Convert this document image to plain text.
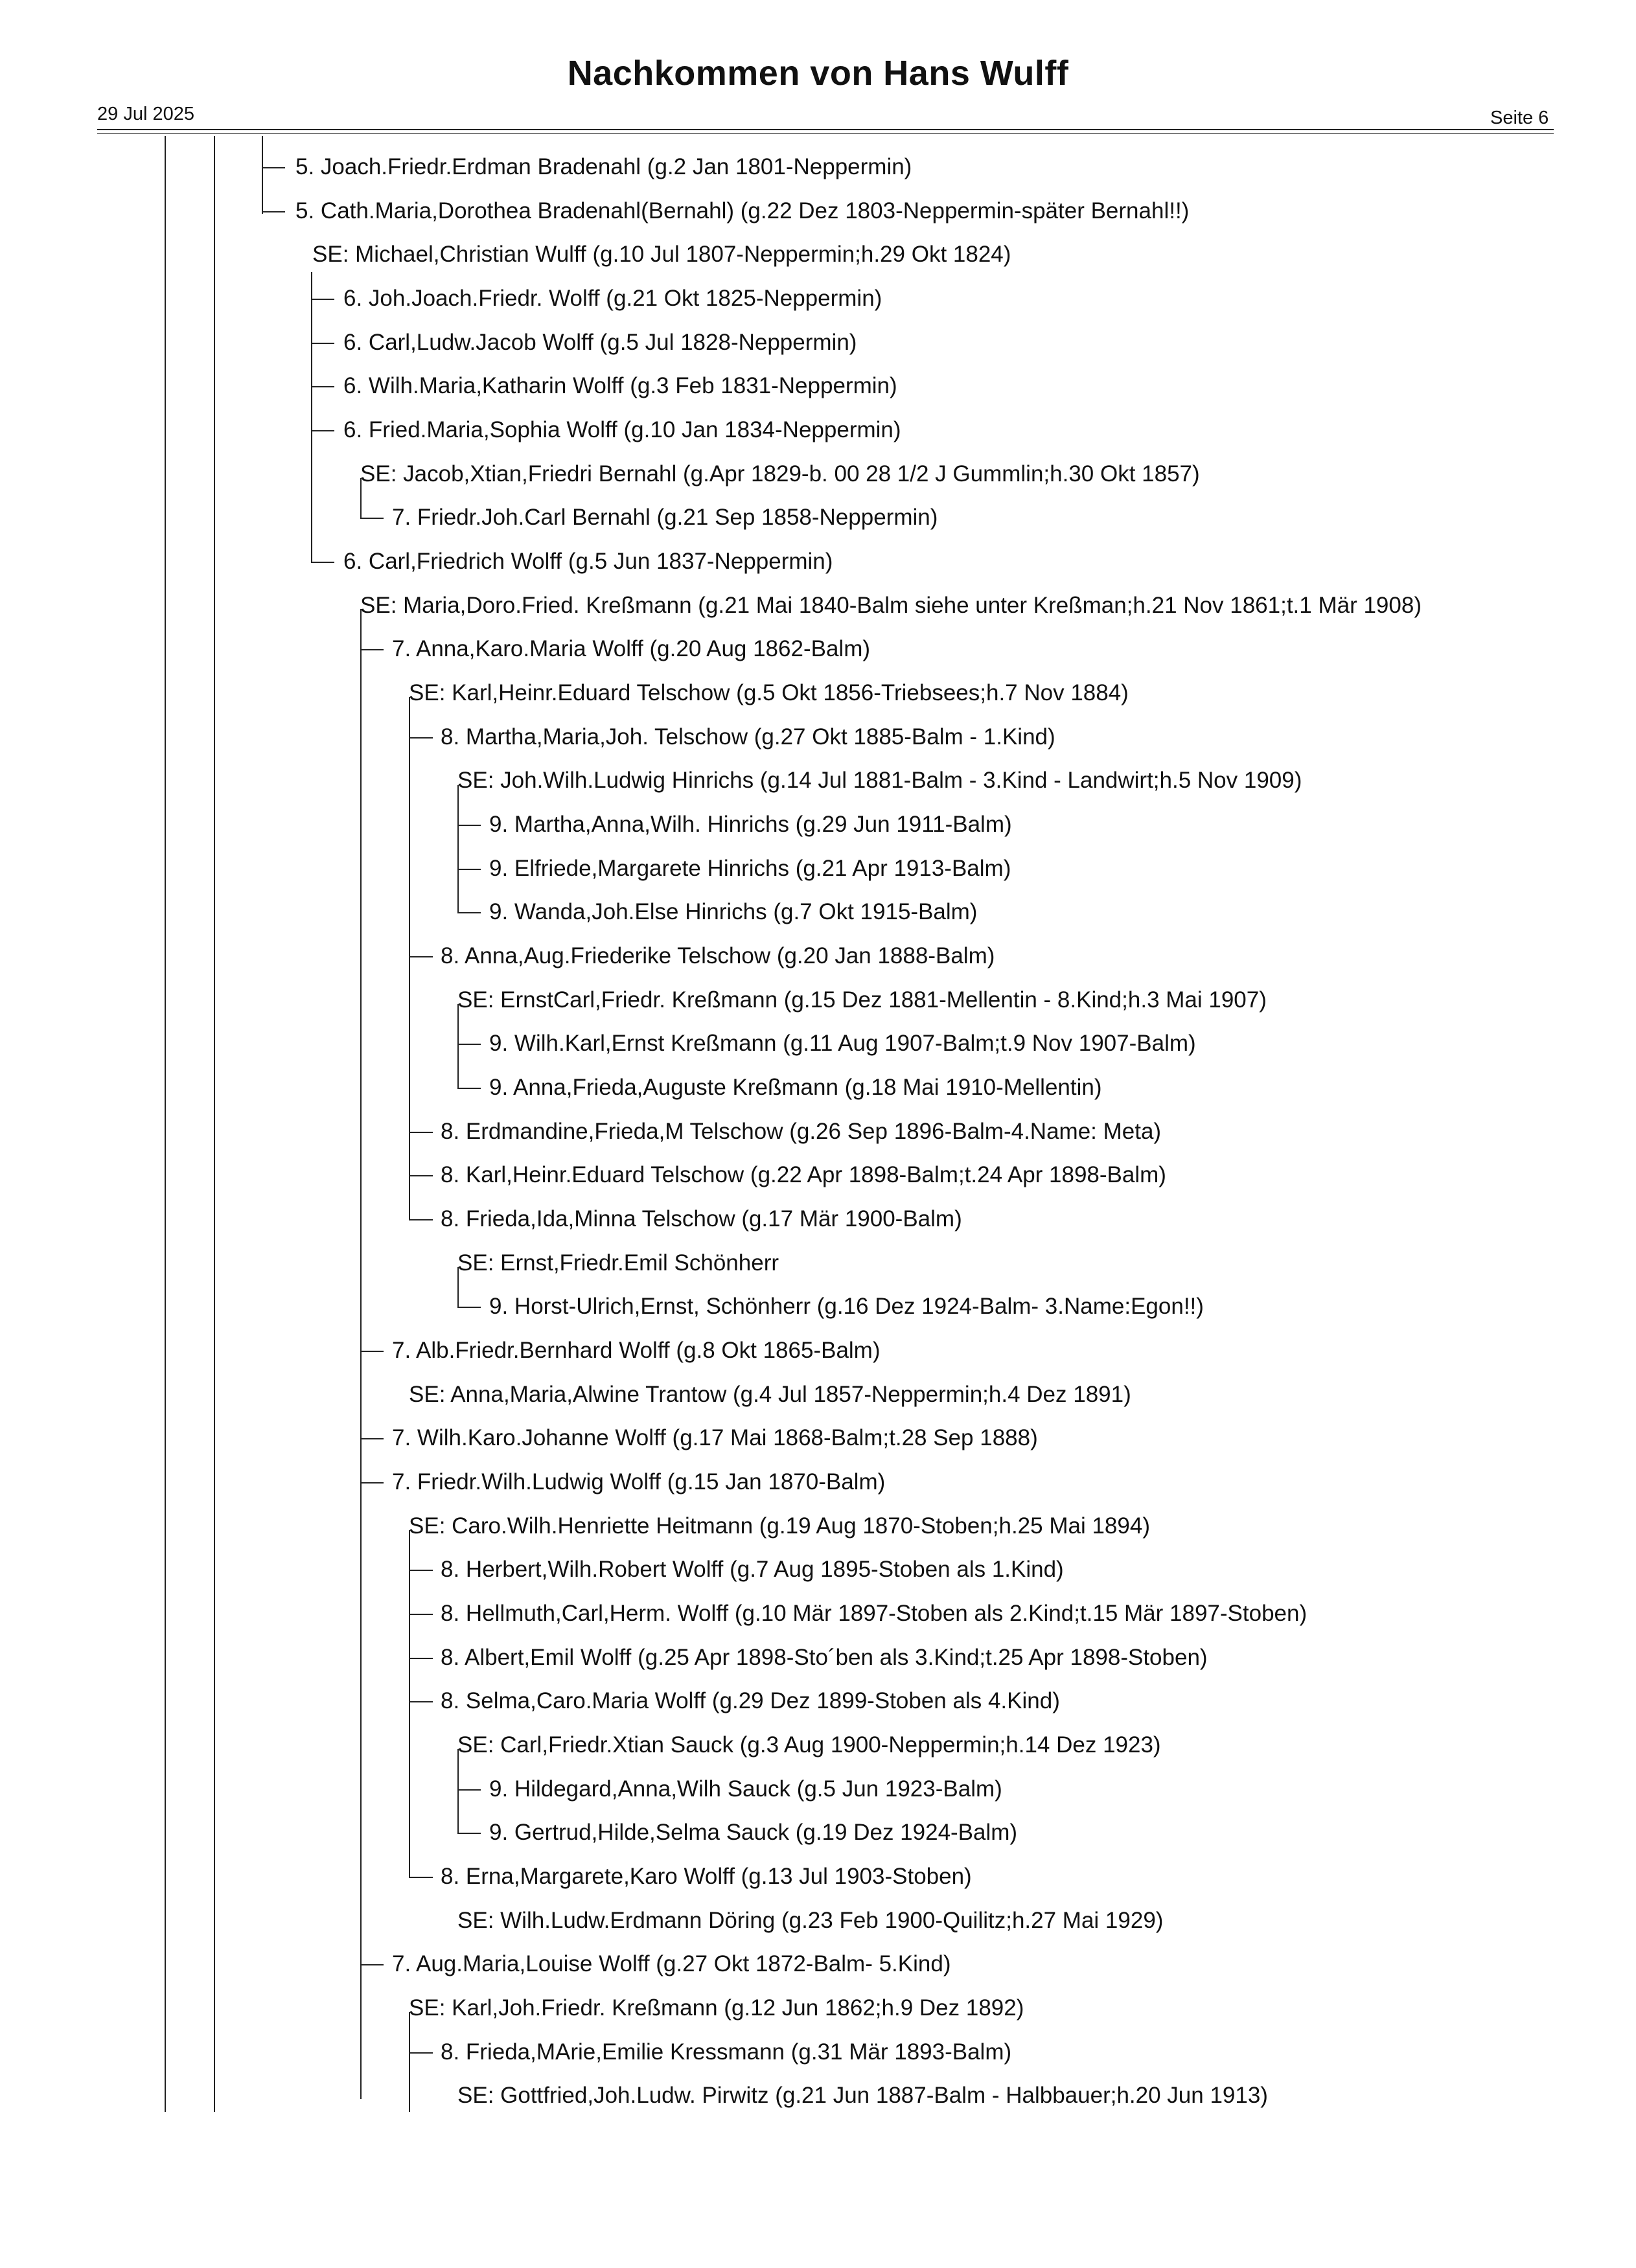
Nachkommen von Hans Wulff
29 Jul 2025	Seite 6
5. Joach.Friedr.Erdman Bradenahl (g.2 Jan 1801-Neppermin)
5. Cath.Maria,Dorothea Bradenahl(Bernahl) (g.22 Dez 1803-Neppermin-später Bernahl!!)
SE: Michael,Christian Wulff (g.10 Jul 1807-Neppermin;h.29 Okt 1824)
6. Joh.Joach.Friedr. Wolff (g.21 Okt 1825-Neppermin)
6. Carl,Ludw.Jacob Wolff (g.5 Jul 1828-Neppermin)
6. Wilh.Maria,Katharin Wolff (g.3 Feb 1831-Neppermin)
6. Fried.Maria,Sophia Wolff (g.10 Jan 1834-Neppermin)
SE: Jacob,Xtian,Friedri Bernahl (g.Apr 1829-b. 00 28 1/2 J Gummlin;h.30 Okt 1857)
7. Friedr.Joh.Carl Bernahl (g.21 Sep 1858-Neppermin)
6. Carl,Friedrich Wolff (g.5 Jun 1837-Neppermin)
SE: Maria,Doro.Fried. Kreßmann (g.21 Mai 1840-Balm siehe unter Kreßman;h.21 Nov 1861;t.1 Mär 1908)
7. Anna,Karo.Maria Wolff (g.20 Aug 1862-Balm)
SE: Karl,Heinr.Eduard Telschow (g.5 Okt 1856-Triebsees;h.7 Nov 1884)
8. Martha,Maria,Joh. Telschow (g.27 Okt 1885-Balm - 1.Kind)
SE: Joh.Wilh.Ludwig Hinrichs (g.14 Jul 1881-Balm - 3.Kind - Landwirt;h.5 Nov 1909)
9. Martha,Anna,Wilh. Hinrichs (g.29 Jun 1911-Balm)
9. Elfriede,Margarete Hinrichs (g.21 Apr 1913-Balm)
9. Wanda,Joh.Else Hinrichs (g.7 Okt 1915-Balm)
8. Anna,Aug.Friederike Telschow (g.20 Jan 1888-Balm)
SE: ErnstCarl,Friedr. Kreßmann (g.15 Dez 1881-Mellentin - 8.Kind;h.3 Mai 1907)
9. Wilh.Karl,Ernst Kreßmann (g.11 Aug 1907-Balm;t.9 Nov 1907-Balm)
9. Anna,Frieda,Auguste Kreßmann (g.18 Mai 1910-Mellentin)
8. Erdmandine,Frieda,M Telschow (g.26 Sep 1896-Balm-4.Name: Meta)
8. Karl,Heinr.Eduard Telschow (g.22 Apr 1898-Balm;t.24 Apr 1898-Balm)
8. Frieda,Ida,Minna Telschow (g.17 Mär 1900-Balm)
SE: Ernst,Friedr.Emil Schönherr
9. Horst-Ulrich,Ernst, Schönherr (g.16 Dez 1924-Balm- 3.Name:Egon!!)
7. Alb.Friedr.Bernhard Wolff (g.8 Okt 1865-Balm)
SE: Anna,Maria,Alwine Trantow (g.4 Jul 1857-Neppermin;h.4 Dez 1891)
7. Wilh.Karo.Johanne Wolff (g.17 Mai 1868-Balm;t.28 Sep 1888)
7. Friedr.Wilh.Ludwig Wolff (g.15 Jan 1870-Balm)
SE: Caro.Wilh.Henriette Heitmann (g.19 Aug 1870-Stoben;h.25 Mai 1894)
8. Herbert,Wilh.Robert Wolff (g.7 Aug 1895-Stoben als 1.Kind)
8. Hellmuth,Carl,Herm. Wolff (g.10 Mär 1897-Stoben als 2.Kind;t.15 Mär 1897-Stoben)
8. Albert,Emil Wolff (g.25 Apr 1898-Sto´ben als 3.Kind;t.25 Apr 1898-Stoben)
8. Selma,Caro.Maria Wolff (g.29 Dez 1899-Stoben als 4.Kind)
SE: Carl,Friedr.Xtian Sauck (g.3 Aug 1900-Neppermin;h.14 Dez 1923)
9. Hildegard,Anna,Wilh Sauck (g.5 Jun 1923-Balm)
9. Gertrud,Hilde,Selma Sauck (g.19 Dez 1924-Balm)
8. Erna,Margarete,Karo Wolff (g.13 Jul 1903-Stoben)
SE: Wilh.Ludw.Erdmann Döring (g.23 Feb 1900-Quilitz;h.27 Mai 1929)
7. Aug.Maria,Louise Wolff (g.27 Okt 1872-Balm- 5.Kind)
SE: Karl,Joh.Friedr. Kreßmann (g.12 Jun 1862;h.9 Dez 1892)
8. Frieda,MArie,Emilie Kressmann (g.31 Mär 1893-Balm)
SE: Gottfried,Joh.Ludw. Pirwitz (g.21 Jun 1887-Balm - Halbbauer;h.20 Jun 1913)
